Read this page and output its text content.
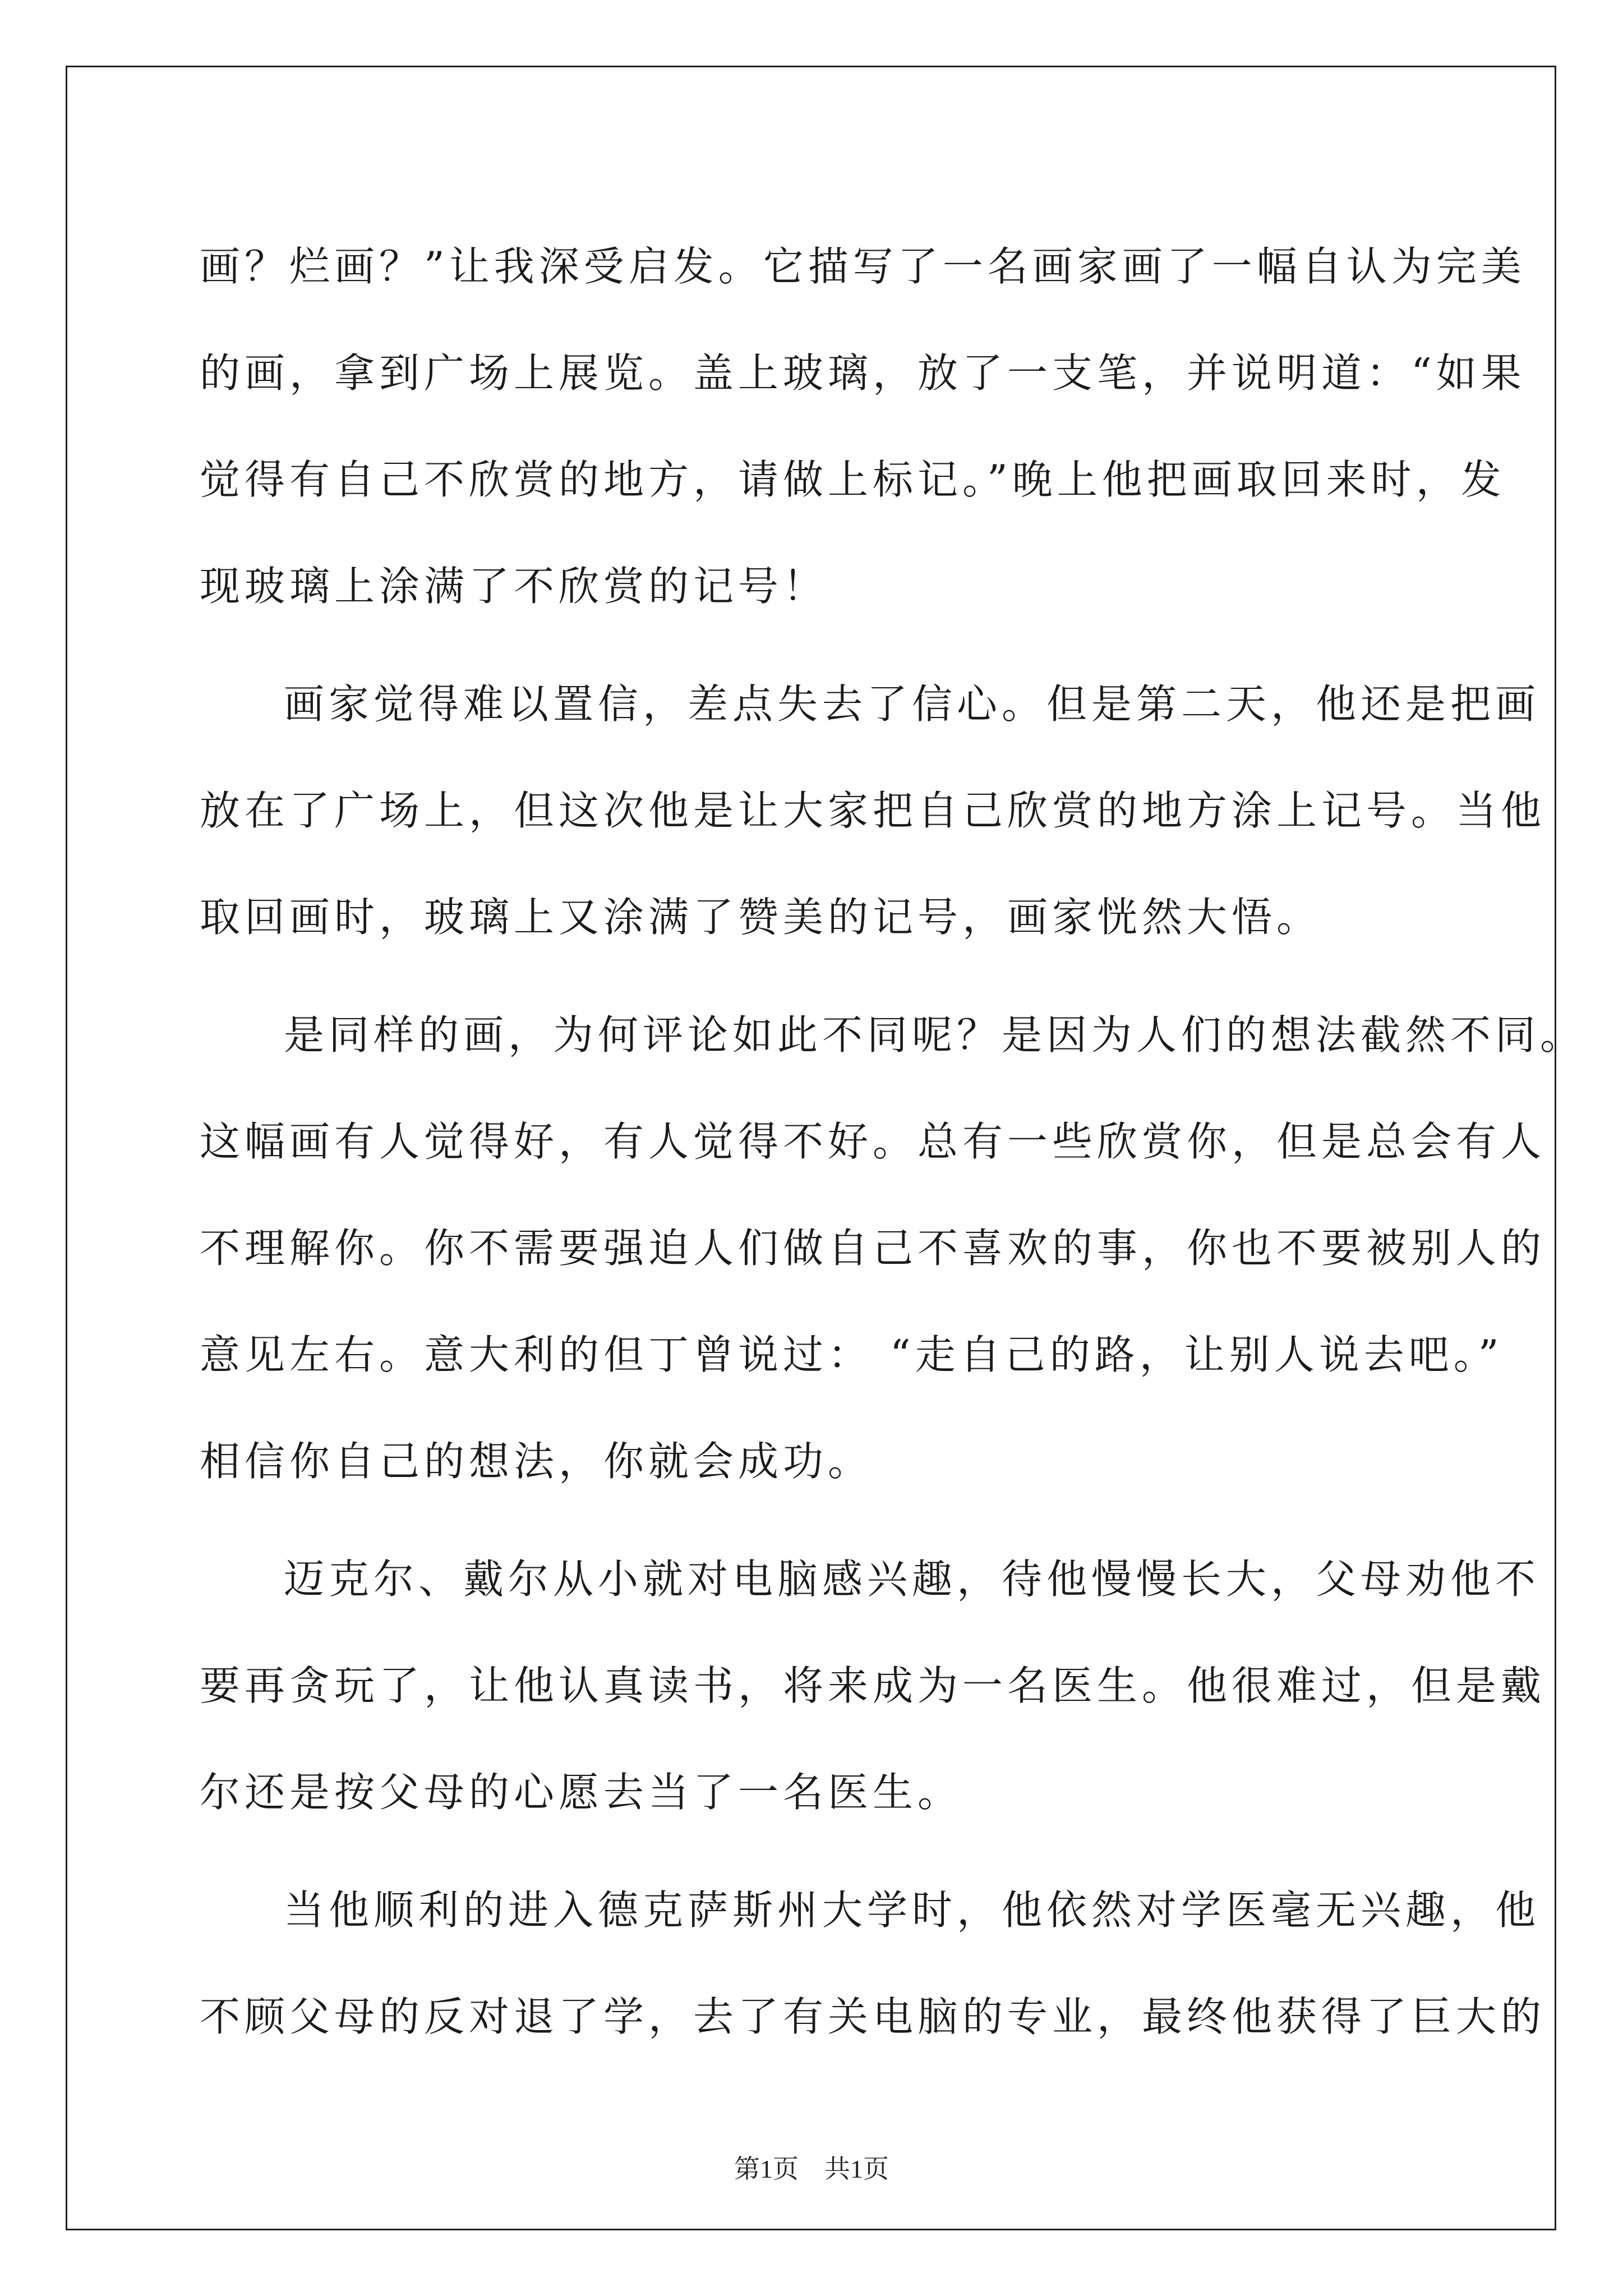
画？烂画？”让我深受启发。它描写了一名画家画了一幅自认为完美
的画，拿到广场上展览。盖上玻璃，放了一支笔，并说明道：“如果
觉得有自己不欣赏的地方，请做上标记。”晚上他把画取回来时，发
现玻璃上涂满了不欣赏的记号！
画家觉得难以置信，差点失去了信心。但是第二天，他还是把画
放在了广场上，但这次他是让大家把自己欣赏的地方涂上记号。当他
取回画时，玻璃上又涂满了赞美的记号，画家恍然大悟。
是同样的画，为何评论如此不同呢？是因为人们的想法截然不同。
这幅画有人觉得好，有人觉得不好。总有一些欣赏你，但是总会有人
不理解你。你不需要强迫人们做自己不喜欢的事，你也不要被别人的
意见左右。意大利的但丁曾说过： “走自己的路，让别人说去吧。”
相信你自己的想法，你就会成功。
迈克尔、戴尔从小就对电脑感兴趣，待他慢慢长大，父母劝他不
要再贪玩了，让他认真读书，将来成为一名医生。他很难过，但是戴
尔还是按父母的心愿去当了一名医生。
当他顺利的进入德克萨斯州大学时，他依然对学医毫无兴趣，他
不顾父母的反对退了学，去了有关电脑的专业，最终他获得了巨大的
第1页　共1页
